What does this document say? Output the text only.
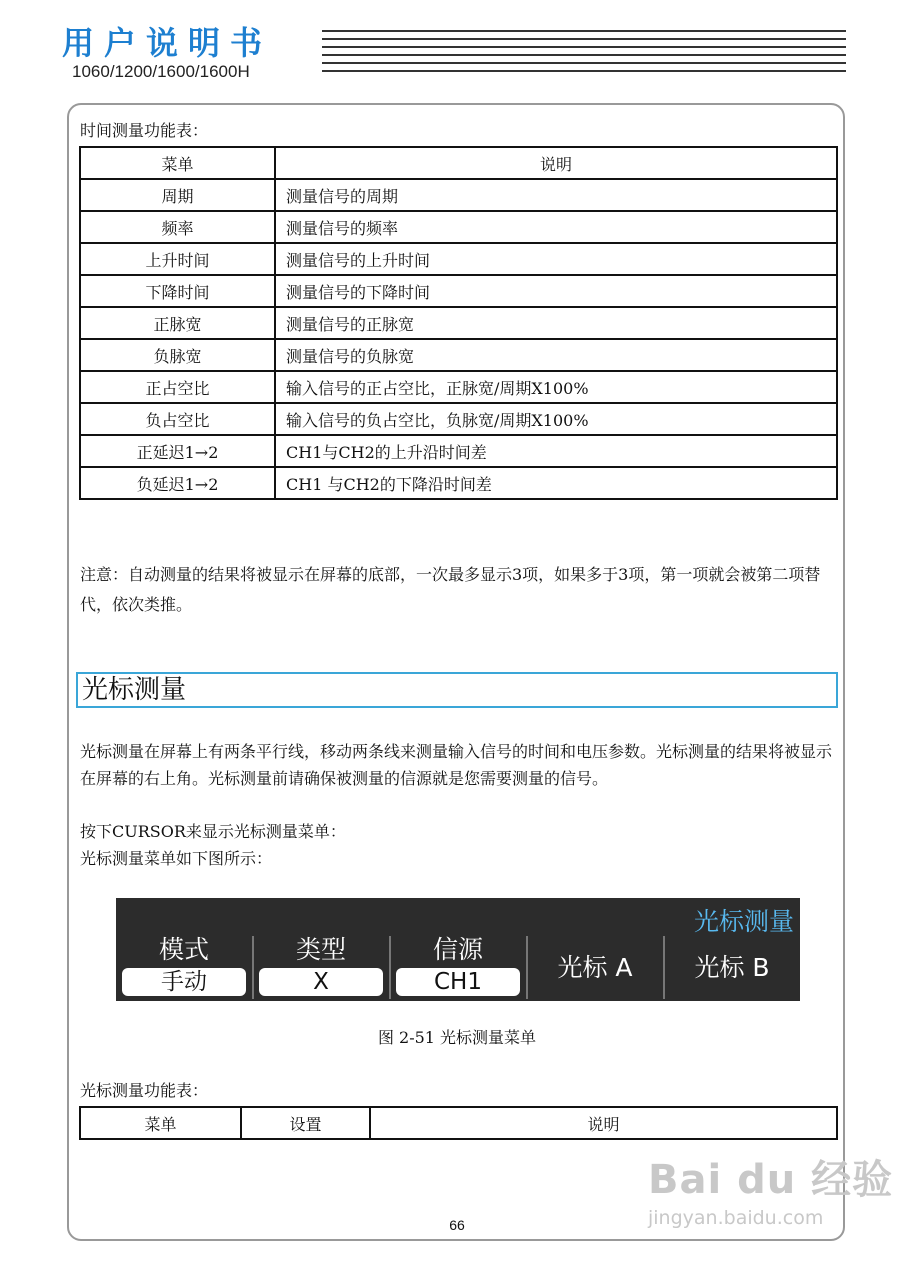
用户说明书
1060/1200/1600/1600H
时间测量功能表：
菜单	说明
周期	测量信号的周期
频率	测量信号的频率
上升时间	测量信号的上升时间
下降时间	测量信号的下降时间
正脉宽	测量信号的正脉宽
负脉宽	测量信号的负脉宽
正占空比	输入信号的正占空比，正脉宽/周期X100%
负占空比	输入信号的负占空比，负脉宽/周期X100%
正延迟1→2	CH1与CH2的上升沿时间差
负延迟1→2	CH1 与CH2的下降沿时间差
注意：自动测量的结果将被显示在屏幕的底部，一次最多显示3项，如果多于3项，第一项就会被第二项替代，依次类推。
光标测量
光标测量在屏幕上有两条平行线，移动两条线来测量输入信号的时间和电压参数。光标测量的结果将被显示在屏幕的右上角。光标测量前请确保被测量的信源就是您需要测量的信号。
按下CURSOR来显示光标测量菜单：
光标测量菜单如下图所示：
光标测量
模式
手动
类型
X
信源
CH1	光标 A	光标 B
图 2-51 光标测量菜单
光标测量功能表：
菜单	设置	说明
66
Bai du 经验
jingyan.baidu.com
